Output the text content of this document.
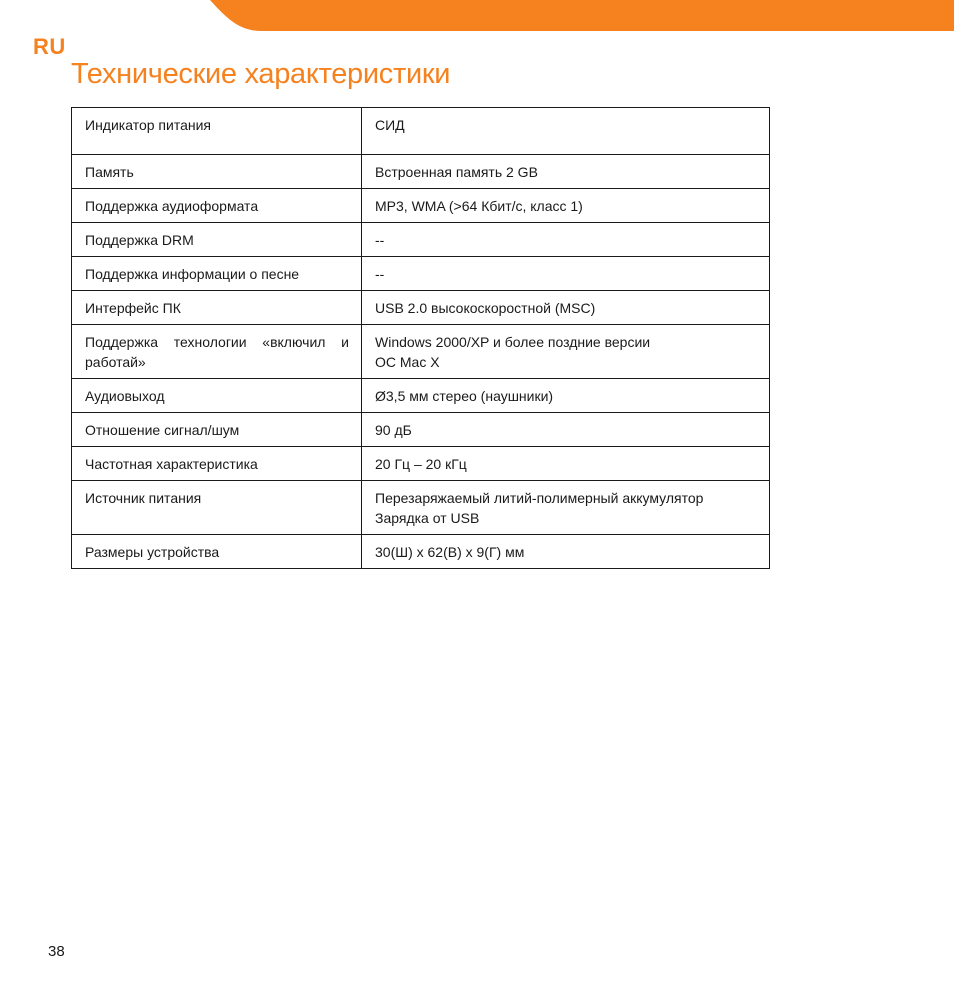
RU
Технические характеристики
Индикатор питания	СИД

Память	Встроенная память 2 GB

Поддержка аудиоформата	MP3, WMA (>64 Кбит/с, класс 1)

Поддержка DRM	--

Поддержка информации о песне	--

Интерфейс ПК	USB 2.0 высокоскоростной (MSC)

Поддержка технологии «включил и работай»	Windows 2000/XP и более поздние версии
ОС Mac X

Аудиовыход	Ø3,5 мм стерео (наушники)

Отношение сигнал/шум	90 дБ

Частотная характеристика	20 Гц – 20 кГц

Источник питания	Перезаряжаемый литий-полимерный аккумулятор
Зарядка от USB

Размеры устройства	30(Ш) x 62(В) x 9(Г) мм
38
